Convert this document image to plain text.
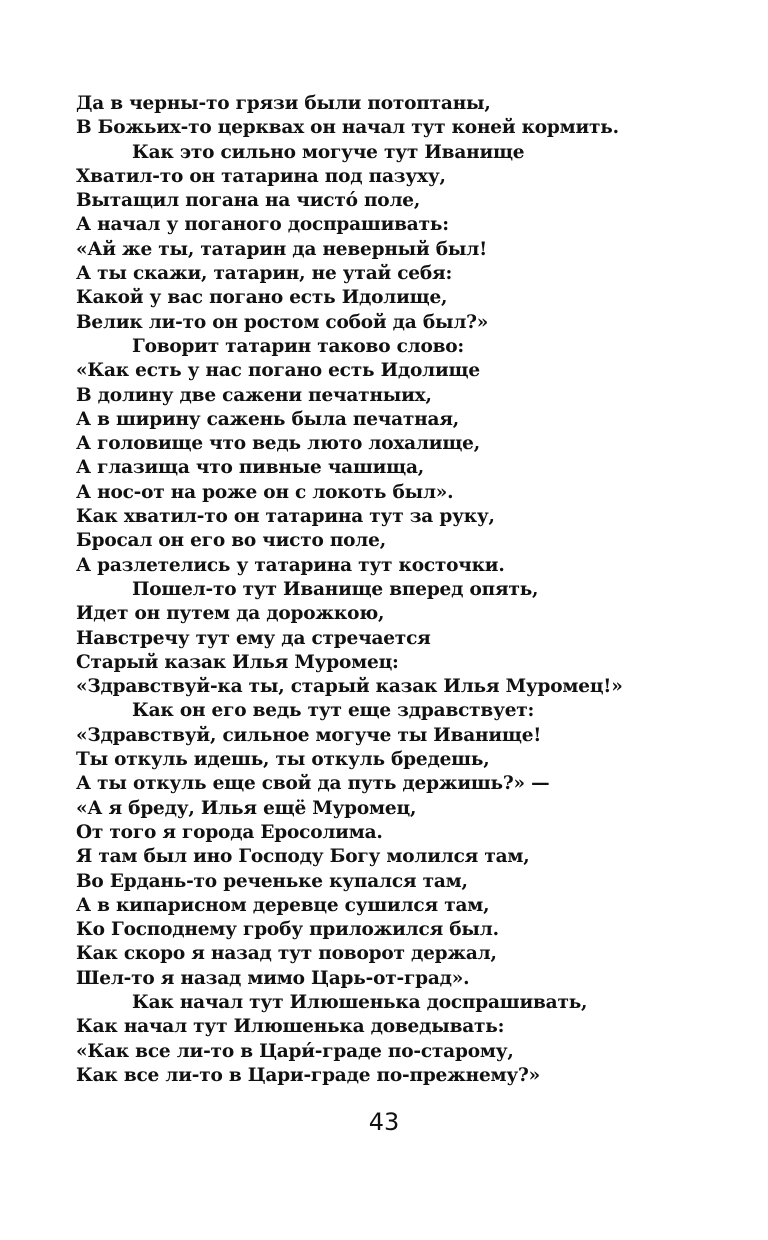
Да в черны-то грязи были потоптаны,
В Божьих-то церквах он начал тут коней кормить.
Как это сильно могуче тут Иванище
Хватил-то он татарина под пазуху,
Вытащил погана на чисто́ поле,
А начал у поганого доспрашивать:
«Ай же ты, татарин да неверный был!
А ты скажи, татарин, не утай себя:
Какой у вас погано есть Идолище,
Велик ли-то он ростом собой да был?»
Говорит татарин таково слово:
«Как есть у нас погано есть Идолище
В долину две сажени печатныих,
А в ширину сажень была печатная,
А головище что ведь люто лохалище,
А глазища что пивные чашища,
А нос-от на роже он с локоть был».
Как хватил-то он татарина тут за руку,
Бросал он его во чисто поле,
А разлетелись у татарина тут косточки.
Пошел-то тут Иванище вперед опять,
Идет он путем да дорожкою,
Навстречу тут ему да стречается
Старый казак Илья Муромец:
«Здравствуй-ка ты, старый казак Илья Муромец!»
Как он его ведь тут еще здравствует:
«Здравствуй, сильное могуче ты Иванище!
Ты откуль идешь, ты откуль бредешь,
А ты откуль еще свой да путь держишь?» —
«А я бреду, Илья ещё Муромец,
От того я города Еросолима.
Я там был ино Господу Богу молился там,
Во Ердань-то реченьке купался там,
А в кипарисном деревце сушился там,
Ко Господнему гробу приложился был.
Как скоро я назад тут поворот держал,
Шел-то я назад мимо Царь-от-град».
Как начал тут Илюшенька доспрашивать,
Как начал тут Илюшенька доведывать:
«Как все ли-то в Цари́-граде по-старому,
Как все ли-то в Цари-граде по-прежнему?»
43
